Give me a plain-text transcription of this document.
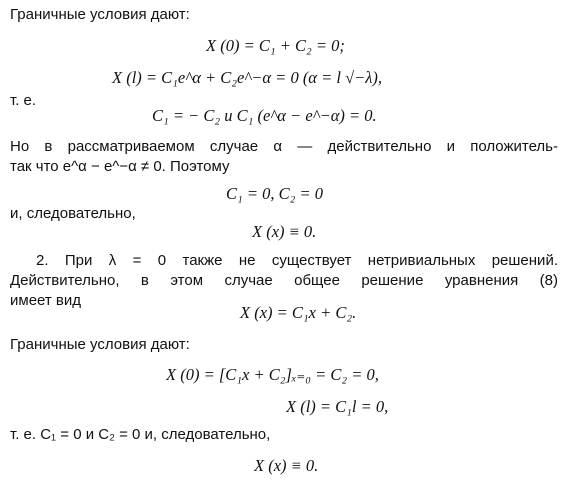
Граничные условия дают:
X (0) = C₁ + C₂ = 0;
X (l) = C₁e^α + C₂e^−α = 0 (α = l √−λ),
т. е.
C₁ = − C₂ и C₁ (e^α − e^−α) = 0.
Но в рассматриваемом случае α — действительно и положитель-
так что e^α − e^−α ≠ 0. Поэтому
C₁ = 0, C₂ = 0
и, следовательно,
X (x) ≡ 0.
2. При λ = 0 также не существует нетривиальных решений.
Действительно, в этом случае общее решение уравнения (8)
имеет вид
X (x) = C₁x + C₂.
Граничные условия дают:
X (0) = [C₁x + C₂]ₓ₌₀ = C₂ = 0,
X (l) = C₁l = 0,
т. е. C₁ = 0 и C₂ = 0 и, следовательно,
X (x) ≡ 0.
